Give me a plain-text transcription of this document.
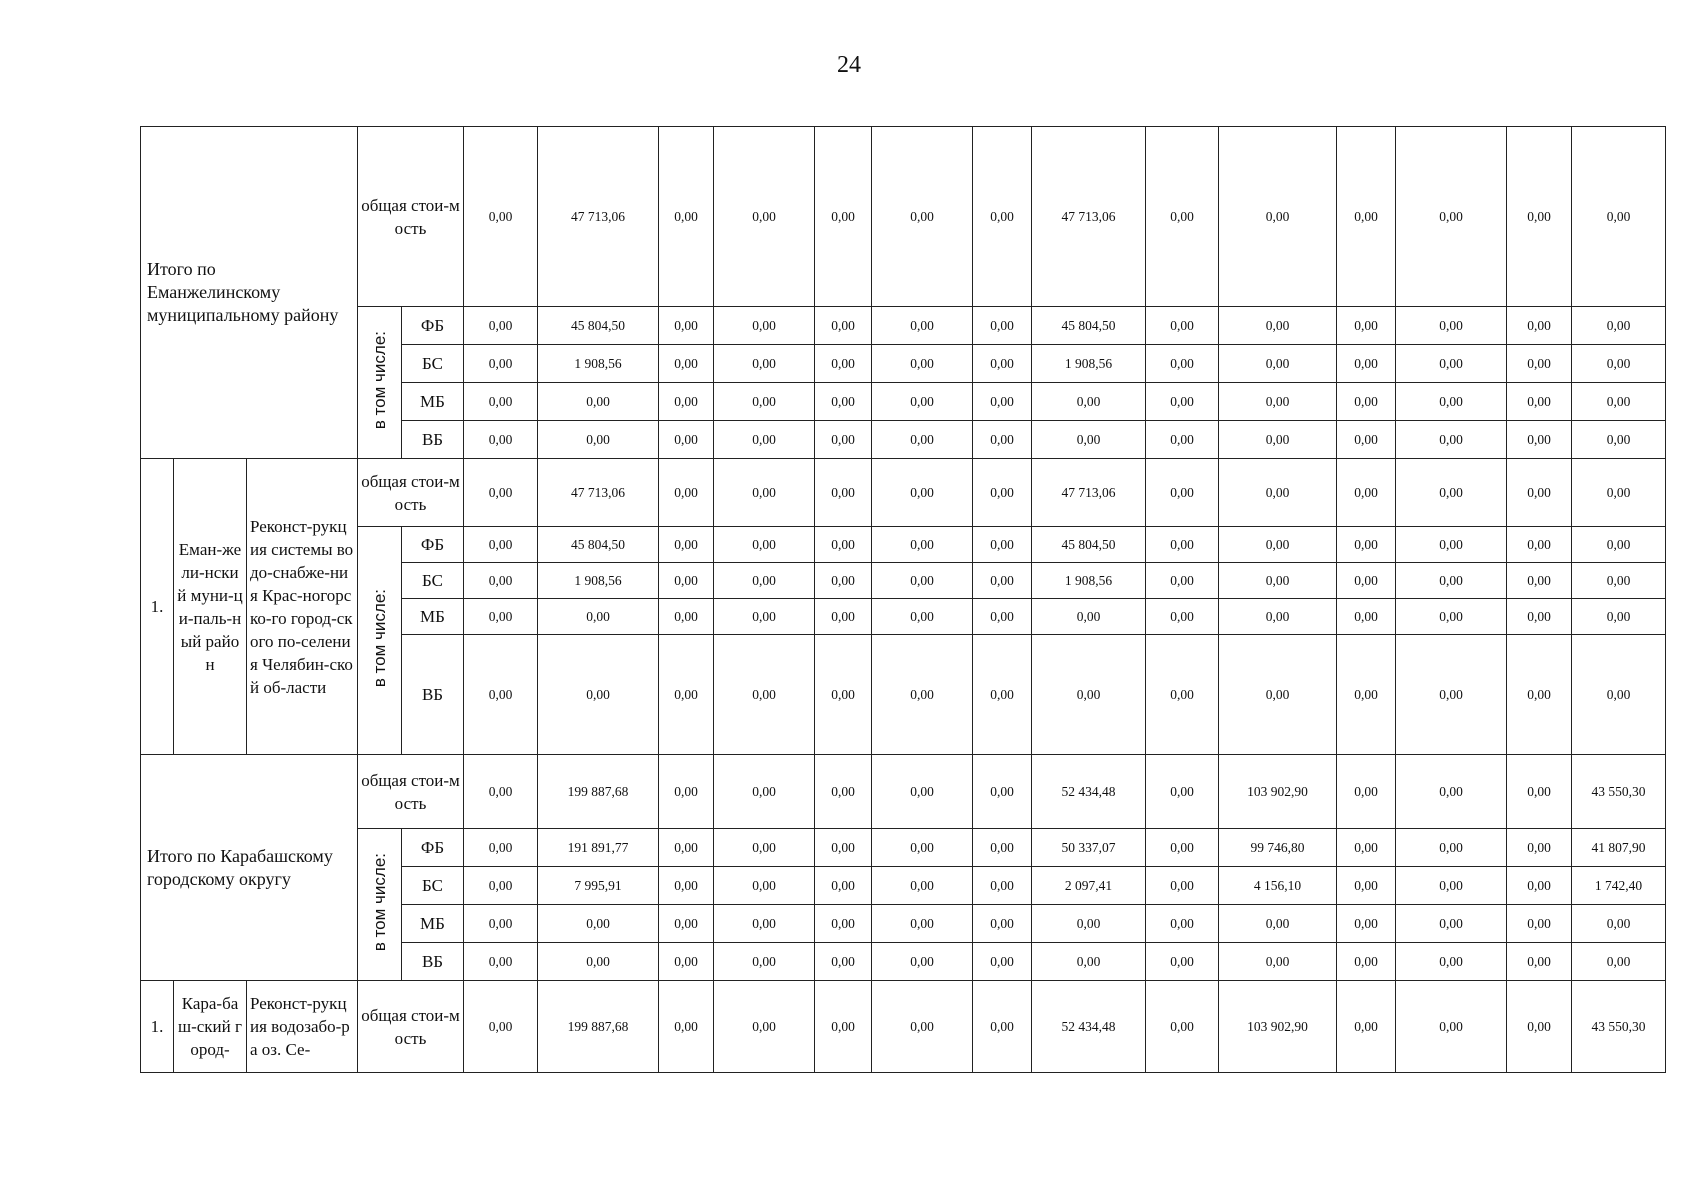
24
Итого по Еманжелинскому муниципальному району			общая стои-мость		0,00	47 713,06	0,00	0,00	0,00	0,00	0,00	47 713,06	0,00	0,00	0,00	0,00	0,00	0,00
			в том числе:	ФБ	0,00	45 804,50	0,00	0,00	0,00	0,00	0,00	45 804,50	0,00	0,00	0,00	0,00	0,00	0,00
				БС	0,00	1 908,56	0,00	0,00	0,00	0,00	0,00	1 908,56	0,00	0,00	0,00	0,00	0,00	0,00
				МБ	0,00	0,00	0,00	0,00	0,00	0,00	0,00	0,00	0,00	0,00	0,00	0,00	0,00	0,00
				ВБ	0,00	0,00	0,00	0,00	0,00	0,00	0,00	0,00	0,00	0,00	0,00	0,00	0,00	0,00
1.	Еман-жели-нский муни-ци-паль-ный район	Реконст-рукция системы водо-снабже-ния Крас-ногорско-го город-ского по-селения Челябин-ской об-ласти	общая стои-мость		0,00	47 713,06	0,00	0,00	0,00	0,00	0,00	47 713,06	0,00	0,00	0,00	0,00	0,00	0,00
			в том числе:	ФБ	0,00	45 804,50	0,00	0,00	0,00	0,00	0,00	45 804,50	0,00	0,00	0,00	0,00	0,00	0,00
				БС	0,00	1 908,56	0,00	0,00	0,00	0,00	0,00	1 908,56	0,00	0,00	0,00	0,00	0,00	0,00
				МБ	0,00	0,00	0,00	0,00	0,00	0,00	0,00	0,00	0,00	0,00	0,00	0,00	0,00	0,00
				ВБ	0,00	0,00	0,00	0,00	0,00	0,00	0,00	0,00	0,00	0,00	0,00	0,00	0,00	0,00
Итого по Карабашскому городскому округу			общая стои-мость		0,00	199 887,68	0,00	0,00	0,00	0,00	0,00	52 434,48	0,00	103 902,90	0,00	0,00	0,00	43 550,30
			в том числе:	ФБ	0,00	191 891,77	0,00	0,00	0,00	0,00	0,00	50 337,07	0,00	99 746,80	0,00	0,00	0,00	41 807,90
				БС	0,00	7 995,91	0,00	0,00	0,00	0,00	0,00	2 097,41	0,00	4 156,10	0,00	0,00	0,00	1 742,40
				МБ	0,00	0,00	0,00	0,00	0,00	0,00	0,00	0,00	0,00	0,00	0,00	0,00	0,00	0,00
				ВБ	0,00	0,00	0,00	0,00	0,00	0,00	0,00	0,00	0,00	0,00	0,00	0,00	0,00	0,00
1.	Кара-баш-ский г ород-	Реконст-рукция водозабо-ра оз. Се-	общая стои-мость		0,00	199 887,68	0,00	0,00	0,00	0,00	0,00	52 434,48	0,00	103 902,90	0,00	0,00	0,00	43 550,30
